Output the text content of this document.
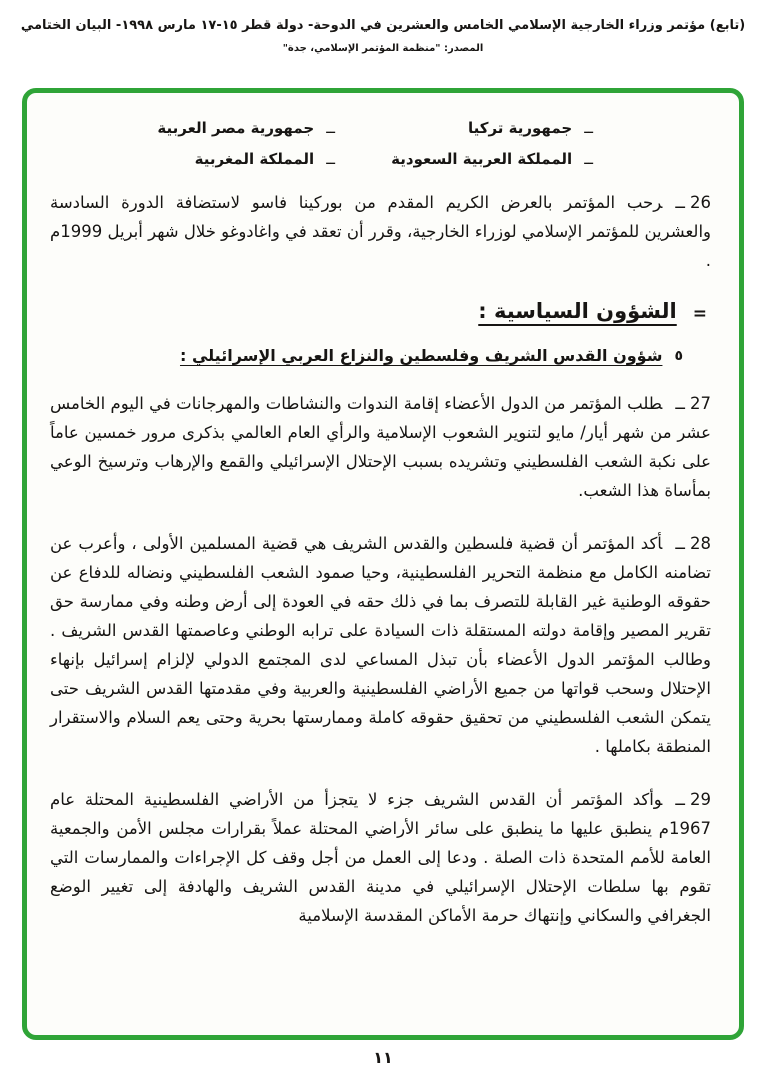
(تابع) مؤتمر وزراء الخارجية الإسلامي الخامس والعشرين في الدوحة- دولة قطر ١٥-١٧ مارس ١٩٩٨- البيان الختامي
المصدر: "منظمة المؤتمر الإسلامي، جدة"
ــ
جمهورية تركيا
ــ
جمهورية مصر العربية
ــ
المملكة العربية السعودية
ــ
المملكة المغربية

26ــرحب المؤتمر بالعرض الكريم المقدم من بوركينا فاسو لاستضافة الدورة السادسة والعشرين للمؤتمر الإسلامي لوزراء الخارجية، وقرر أن تعقد في واغادوغو خلال شهر أبريل 1999م .

=
الشؤون السياسية :
٥
شؤون القدس الشريف وفلسطين والنزاع العربي الإسرائيلي :

27ــطلب المؤتمر من الدول الأعضاء إقامة الندوات والنشاطات والمهرجانات في اليوم الخامس عشر من شهر أيار/ مايو لتنوير الشعوب الإسلامية والرأي العام العالمي بذكرى مرور خمسين عاماً على نكبة الشعب الفلسطيني وتشريده بسبب الإحتلال الإسرائيلي والقمع والإرهاب وترسيخ الوعي بمأساة هذا الشعب.

28ــأكد المؤتمر أن قضية فلسطين والقدس الشريف هي قضية المسلمين الأولى ، وأعرب عن تضامنه الكامل مع منظمة التحرير الفلسطينية، وحيا صمود الشعب الفلسطيني ونضاله للدفاع عن حقوقه الوطنية غير القابلة للتصرف بما في ذلك حقه في العودة إلى أرض وطنه وفي ممارسة حق تقرير المصير وإقامة دولته المستقلة ذات السيادة على ترابه الوطني وعاصمتها القدس الشريف . وطالب المؤتمر الدول الأعضاء بأن تبذل المساعي لدى المجتمع الدولي لإلزام إسرائيل بإنهاء الإحتلال وسحب قواتها من جميع الأراضي الفلسطينية والعربية وفي مقدمتها القدس الشريف حتى يتمكن الشعب الفلسطيني من تحقيق حقوقه كاملة وممارستها بحرية وحتى يعم السلام والاستقرار المنطقة بكاملها .

29ــوأكد المؤتمر أن القدس الشريف جزء لا يتجزأ من الأراضي الفلسطينية المحتلة عام 1967م ينطبق عليها ما ينطبق على سائر الأراضي المحتلة عملاً بقرارات مجلس الأمن والجمعية العامة للأمم المتحدة ذات الصلة . ودعا إلى العمل من أجل وقف كل الإجراءات والممارسات التي تقوم بها سلطات الإحتلال الإسرائيلي في مدينة القدس الشريف والهادفة إلى تغيير الوضع الجغرافي والسكاني وإنتهاك حرمة الأماكن المقدسة الإسلامية

١١
